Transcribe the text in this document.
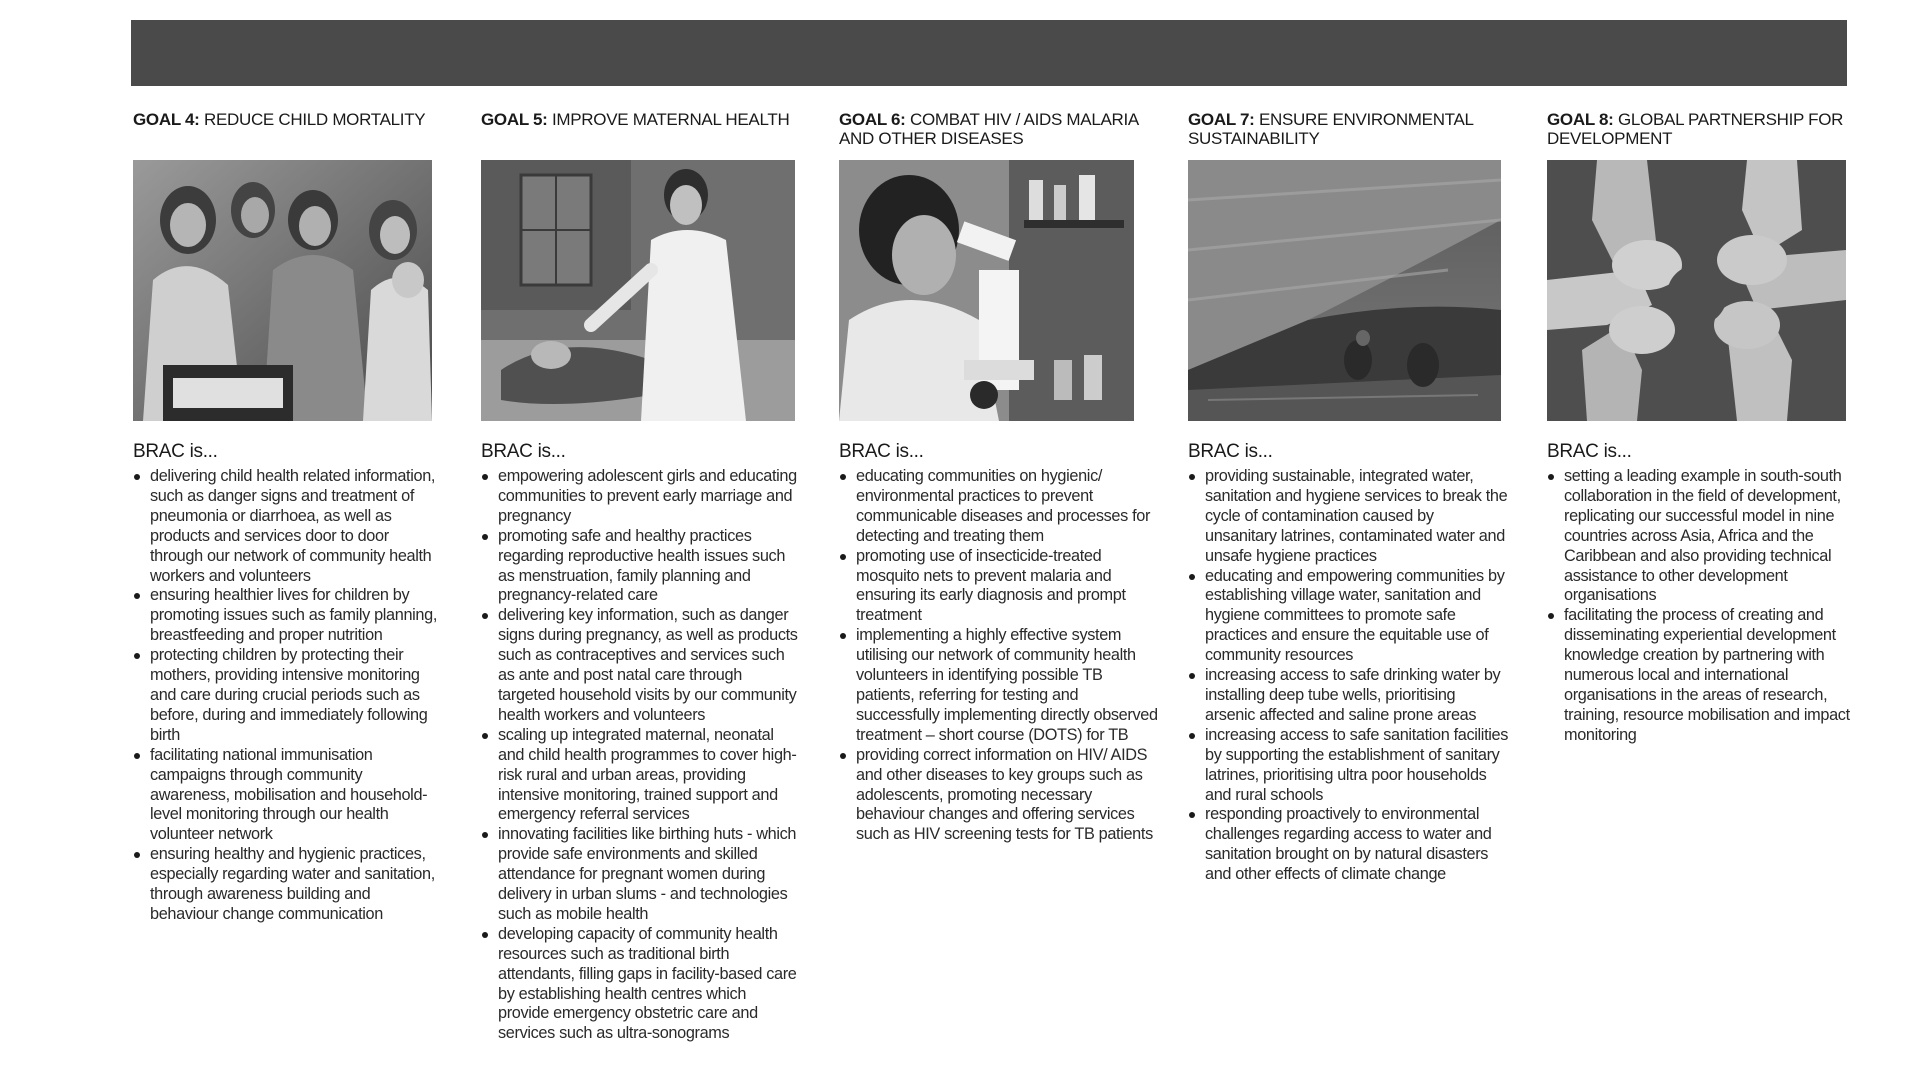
GOAL 4: REDUCE CHILD MORTALITY
BRAC is...
delivering child health related information, such as danger signs and treatment of pneumonia or diarrhoea, as well as products and services door to door through our network of community health workers and volunteers
ensuring healthier lives for children by promoting issues such as family planning, breastfeeding and proper nutrition
protecting children by protecting their mothers, providing intensive monitoring and care during crucial periods such as before, during and immediately following birth
facilitating national immunisation campaigns through community awareness, mobilisation and household-level monitoring through our health volunteer network
ensuring healthy and hygienic practices, especially regarding water and sanitation, through awareness building and behaviour change communication
GOAL 5: IMPROVE MATERNAL HEALTH
BRAC is...
empowering adolescent girls and educating communities to prevent early marriage and pregnancy
promoting safe and healthy practices regarding reproductive health issues such as menstruation, family planning and pregnancy-related care
delivering key information, such as danger signs during pregnancy, as well as products such as contraceptives and services such as ante and post natal care through targeted household visits by our community health workers and volunteers
scaling up integrated maternal, neonatal and child health programmes to cover high-risk rural and urban areas, providing intensive monitoring, trained support and emergency referral services
innovating facilities like birthing huts - which provide safe environments and skilled attendance for pregnant women during delivery in urban slums - and technologies such as mobile health
developing capacity of community health resources such as traditional birth attendants, filling gaps in facility-based care by establishing health centres which provide emergency obstetric care and services such as ultra-sonograms
GOAL 6: COMBAT HIV / AIDS MALARIA AND OTHER DISEASES
BRAC is...
educating communities on hygienic/ environmental practices to prevent communicable diseases and processes for detecting and treating them
promoting use of insecticide-treated mosquito nets to prevent malaria and ensuring its early diagnosis and prompt treatment
implementing a highly effective system utilising our network of community health volunteers in identifying possible TB patients, referring for testing and successfully implementing directly observed treatment – short course (DOTS) for TB
providing correct information on HIV/ AIDS and other diseases to key groups such as adolescents, promoting necessary behaviour changes and offering services such as HIV screening tests for TB patients
GOAL 7: ENSURE ENVIRONMENTAL SUSTAINABILITY
BRAC is...
providing sustainable, integrated water, sanitation and hygiene services to break the cycle of contamination caused by unsanitary latrines, contaminated water and unsafe hygiene practices
educating and empowering communities by establishing village water, sanitation and hygiene committees to promote safe practices and ensure the equitable use of community resources
increasing access to safe drinking water by installing deep tube wells, prioritising arsenic affected and saline prone areas
increasing access to safe sanitation facilities by supporting the establishment of sanitary latrines, prioritising ultra poor households and rural schools
responding proactively to environmental challenges regarding access to water and sanitation brought on by natural disasters and other effects of climate change
GOAL 8: GLOBAL PARTNERSHIP FOR DEVELOPMENT
BRAC is...
setting a leading example in south-south collaboration in the field of development, replicating our successful model in nine countries across Asia, Africa and the Caribbean and also providing technical assistance to other development organisations
facilitating the process of creating and disseminating experiential development knowledge creation by partnering with numerous local and international organisations in the areas of research, training, resource mobilisation and impact monitoring
